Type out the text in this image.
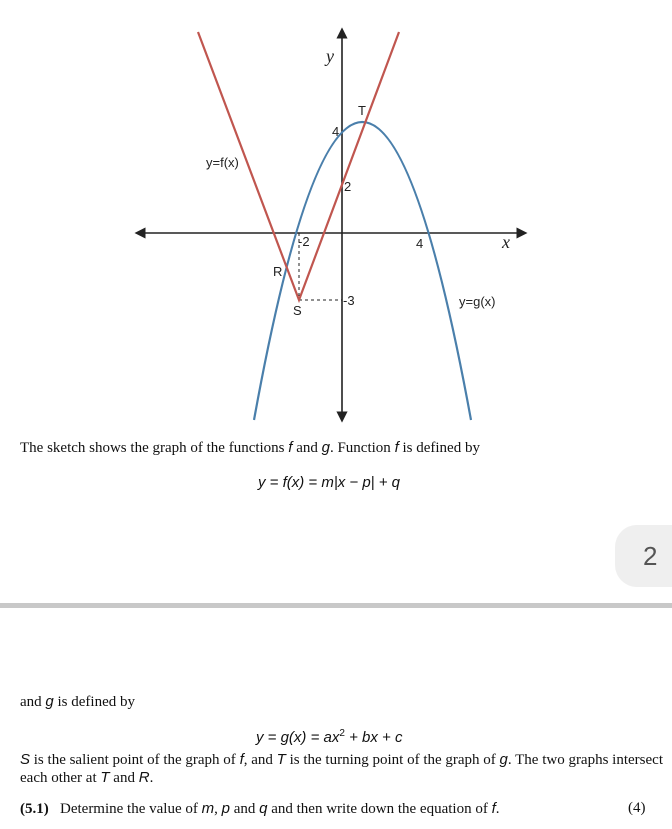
y
x
y=f(x)
y=g(x)
T
R
S
4
2
-2	4
-3
The sketch shows the graph of the functions f and g. Function f is defined by
y = f(x) = m|x − p| + q
2
and g is defined by
$y = g(x) = ax^2$ + bx + c
S is the salient point of the graph of f, and T is the turning point of the graph of g. The two graphs intersect
each other at T and R.
(5.1) Determine the value of m, p and q and then write down the equation of f.	(4)
